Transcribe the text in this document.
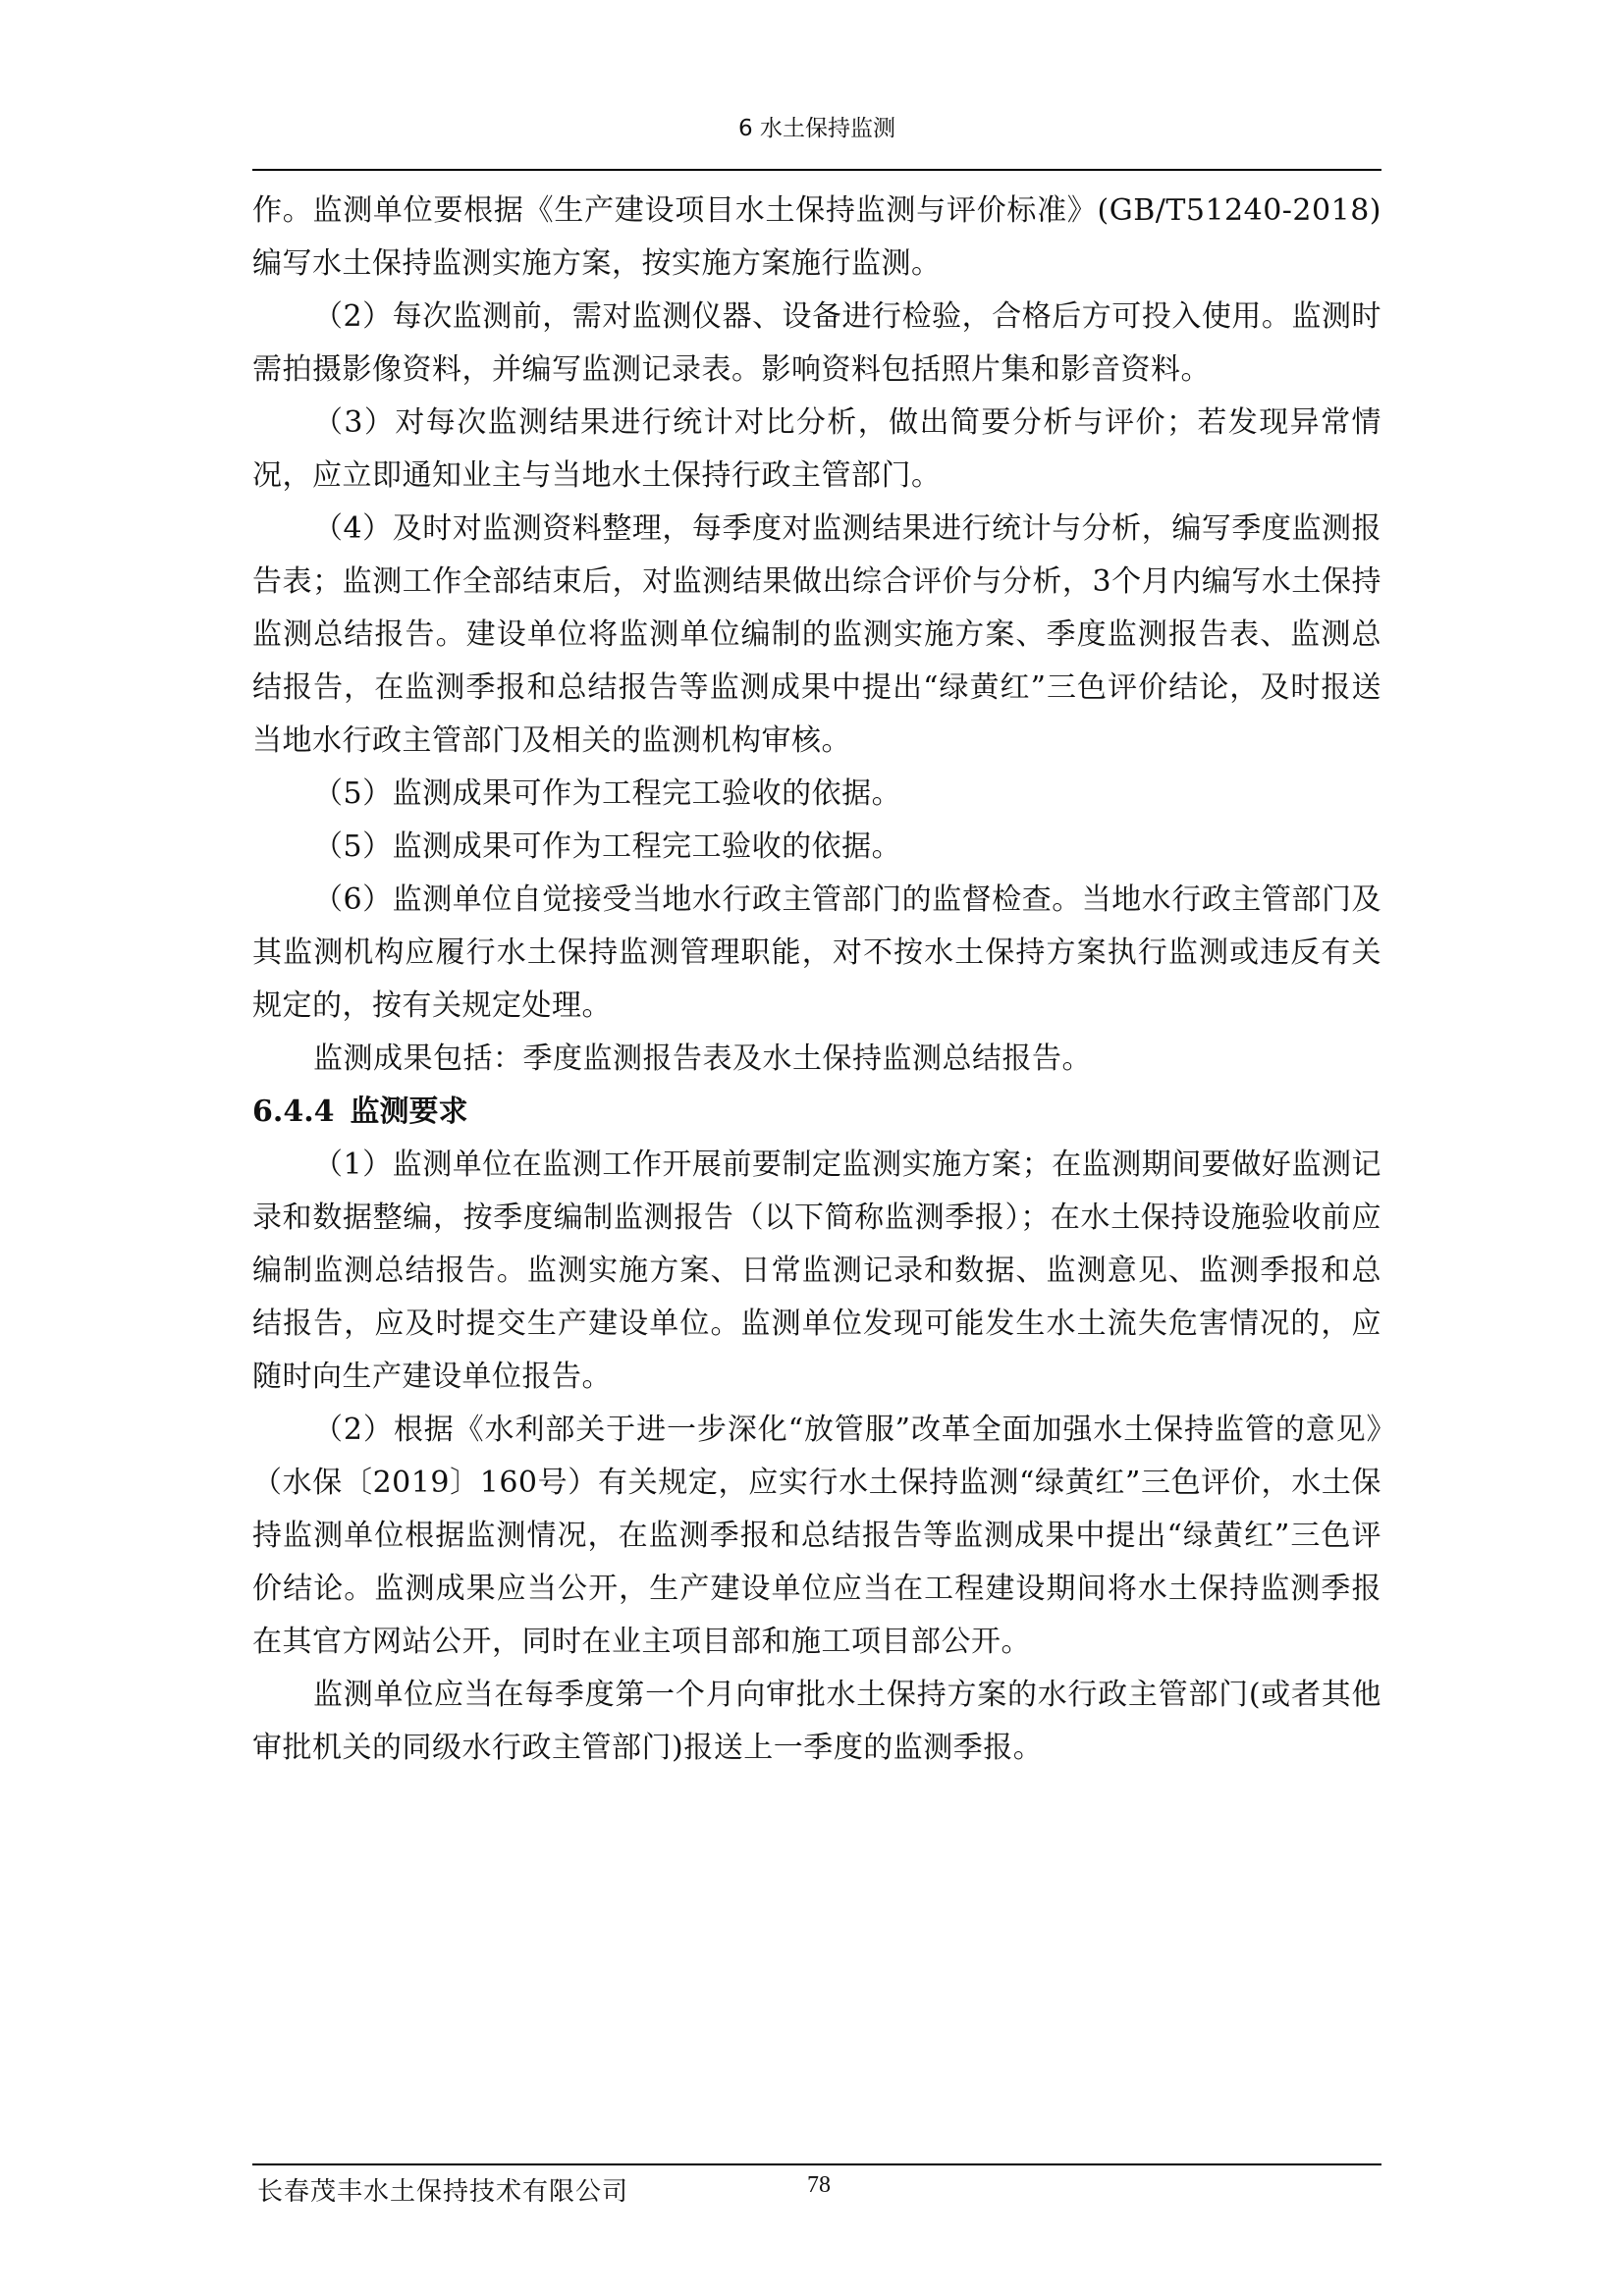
6 水土保持监测

作。监测单位要根据《生产建设项目水土保持监测与评价标准》(GB/T51240-2018)编写水土保持监测实施方案，按实施方案施行监测。

（2）每次监测前，需对监测仪器、设备进行检验，合格后方可投入使用。监测时需拍摄影像资料，并编写监测记录表。影响资料包括照片集和影音资料。

（3）对每次监测结果进行统计对比分析，做出简要分析与评价；若发现异常情况，应立即通知业主与当地水土保持行政主管部门。

（4）及时对监测资料整理，每季度对监测结果进行统计与分析，编写季度监测报告表；监测工作全部结束后，对监测结果做出综合评价与分析，3个月内编写水土保持监测总结报告。建设单位将监测单位编制的监测实施方案、季度监测报告表、监测总结报告，在监测季报和总结报告等监测成果中提出“绿黄红”三色评价结论，及时报送当地水行政主管部门及相关的监测机构审核。

（5）监测成果可作为工程完工验收的依据。

（5）监测成果可作为工程完工验收的依据。

（6）监测单位自觉接受当地水行政主管部门的监督检查。当地水行政主管部门及其监测机构应履行水土保持监测管理职能，对不按水土保持方案执行监测或违反有关规定的，按有关规定处理。

监测成果包括：季度监测报告表及水土保持监测总结报告。

6.4.4 监测要求

（1）监测单位在监测工作开展前要制定监测实施方案；在监测期间要做好监测记录和数据整编，按季度编制监测报告（以下简称监测季报）；在水土保持设施验收前应编制监测总结报告。监测实施方案、日常监测记录和数据、监测意见、监测季报和总结报告，应及时提交生产建设单位。监测单位发现可能发生水土流失危害情况的，应随时向生产建设单位报告。

（2）根据《水利部关于进一步深化“放管服”改革全面加强水土保持监管的意见》（水保〔2019〕160号）有关规定，应实行水土保持监测“绿黄红”三色评价，水土保持监测单位根据监测情况，在监测季报和总结报告等监测成果中提出“绿黄红”三色评价结论。监测成果应当公开，生产建设单位应当在工程建设期间将水土保持监测季报在其官方网站公开，同时在业主项目部和施工项目部公开。

监测单位应当在每季度第一个月向审批水土保持方案的水行政主管部门(或者其他审批机关的同级水行政主管部门)报送上一季度的监测季报。

长春茂丰水土保持技术有限公司	78
